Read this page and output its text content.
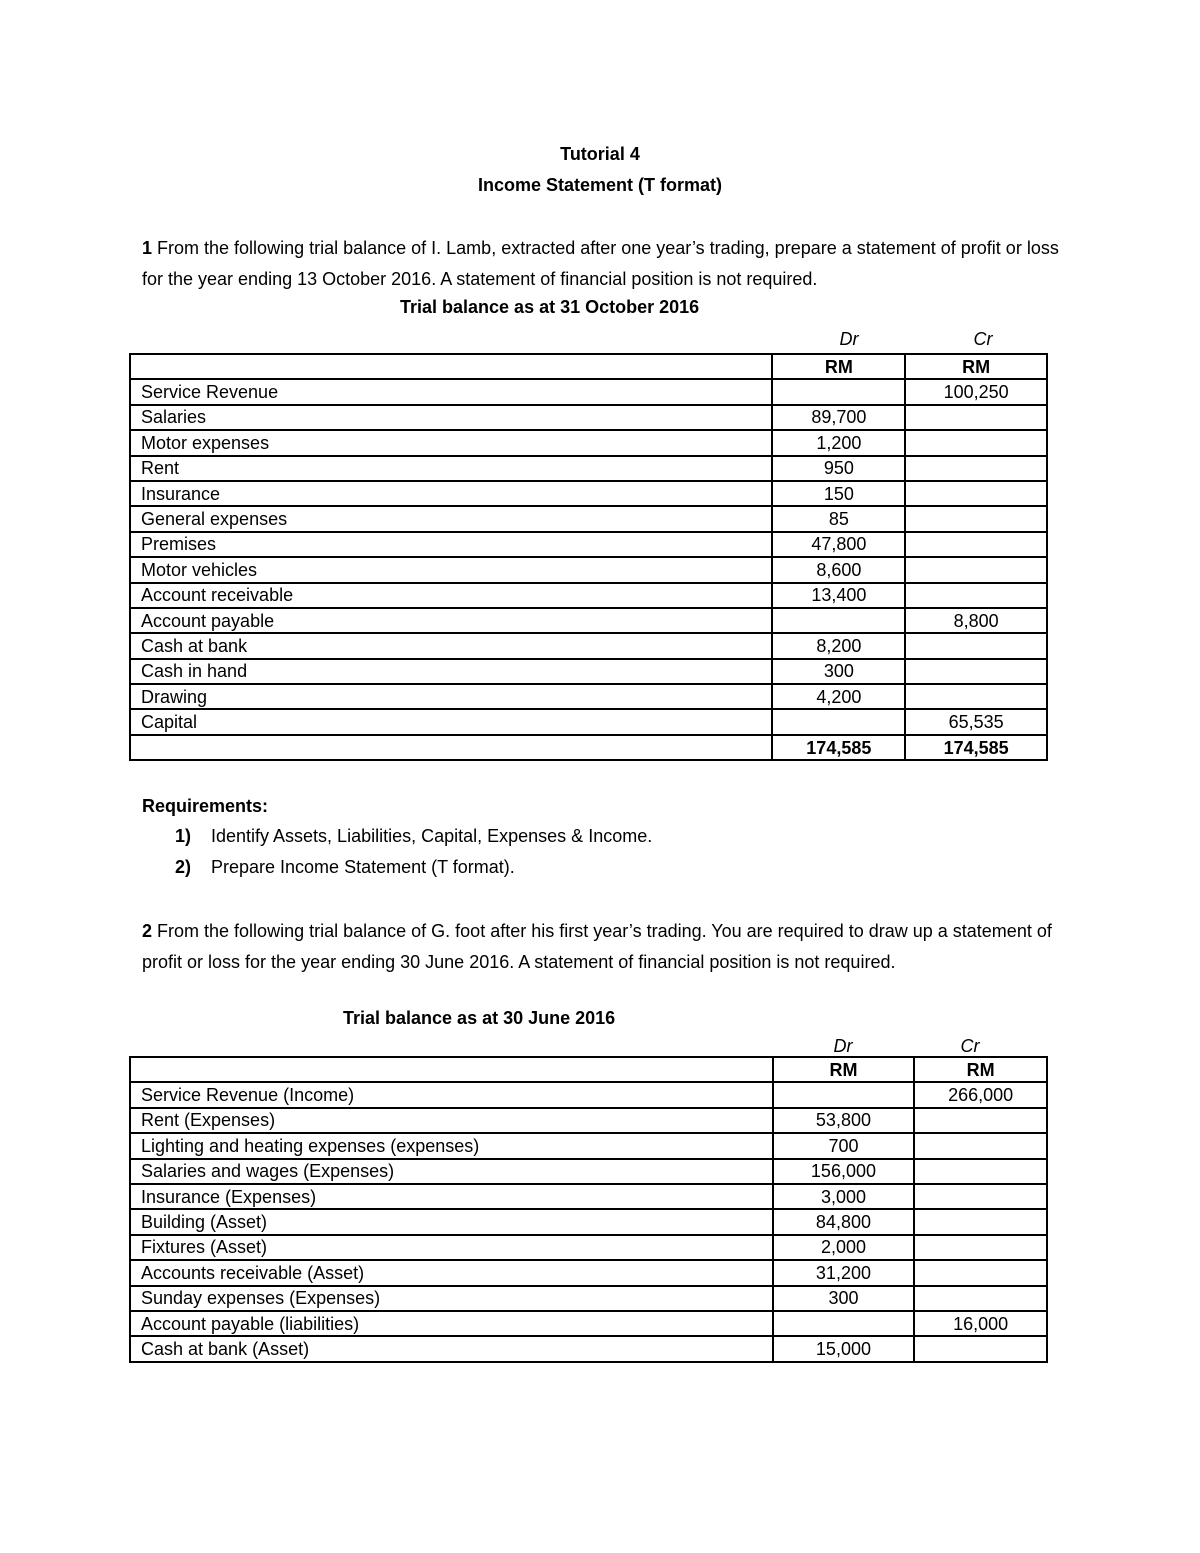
Tutorial 4
Income Statement (T format)
1 From the following trial balance of I. Lamb, extracted after one year’s trading, prepare a statement of profit or loss for the year ending 13 October 2016. A statement of financial position is not required.
Trial balance as at 31 October 2016
Dr	Cr
	RM	RM
Service Revenue		100,250
Salaries	89,700	
Motor expenses	1,200	
Rent	950	
Insurance	150	
General expenses	85	
Premises	47,800	
Motor vehicles	8,600	
Account receivable	13,400	
Account payable		8,800
Cash at bank	8,200	
Cash in hand	300	
Drawing	4,200	
Capital		65,535
	174,585	174,585
Requirements:
1) Identify Assets, Liabilities, Capital, Expenses & Income.
2) Prepare Income Statement (T format).
2 From the following trial balance of G. foot after his first year’s trading. You are required to draw up a statement of profit or loss for the year ending 30 June 2016. A statement of financial position is not required.
Trial balance as at 30 June 2016
Dr	Cr
	RM	RM
Service Revenue (Income)		266,000
Rent (Expenses)	53,800	
Lighting and heating expenses (expenses)	700	
Salaries and wages (Expenses)	156,000	
Insurance (Expenses)	3,000	
Building (Asset)	84,800	
Fixtures (Asset)	2,000	
Accounts receivable (Asset)	31,200	
Sunday expenses (Expenses)	300	
Account payable (liabilities)		16,000
Cash at bank (Asset)	15,000	
